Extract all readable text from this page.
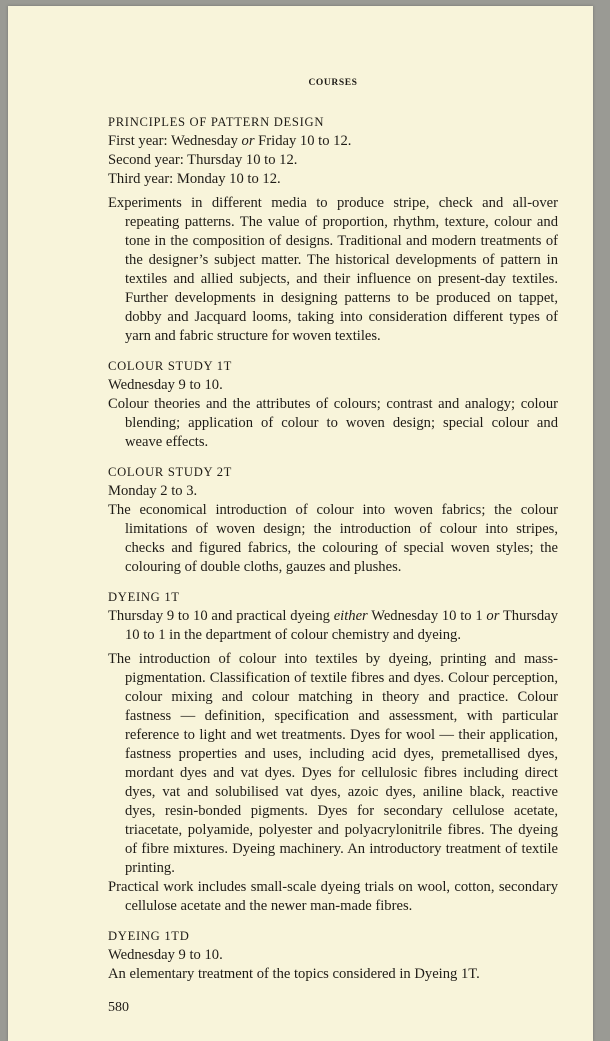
COURSES

PRINCIPLES OF PATTERN DESIGN

First year: Wednesday or Friday 10 to 12.

Second year: Thursday 10 to 12.

Third year: Monday 10 to 12.

Experiments in different media to produce stripe, check and all-over repeating patterns. The value of proportion, rhythm, texture, colour and tone in the composition of designs. Traditional and modern treatments of the designer’s subject matter. The historical developments of pattern in textiles and allied subjects, and their influence on present-day textiles. Further developments in designing patterns to be produced on tappet, dobby and Jacquard looms, taking into consideration different types of yarn and fabric structure for woven textiles.

COLOUR STUDY 1T

Wednesday 9 to 10.

Colour theories and the attributes of colours; contrast and analogy; colour blending; application of colour to woven design; special colour and weave effects.

COLOUR STUDY 2T

Monday 2 to 3.

The economical introduction of colour into woven fabrics; the colour limitations of woven design; the introduction of colour into stripes, checks and figured fabrics, the colouring of special woven styles; the colouring of double cloths, gauzes and plushes.

DYEING 1T

Thursday 9 to 10 and practical dyeing either Wednesday 10 to 1 or Thursday 10 to 1 in the department of colour chemistry and dyeing.

The introduction of colour into textiles by dyeing, printing and mass-pigmentation. Classification of textile fibres and dyes. Colour perception, colour mixing and colour matching in theory and practice. Colour fastness — definition, specification and assessment, with particular reference to light and wet treatments. Dyes for wool — their application, fastness properties and uses, including acid dyes, premetallised dyes, mordant dyes and vat dyes. Dyes for cellulosic fibres including direct dyes, vat and solubilised vat dyes, azoic dyes, aniline black, reactive dyes, resin-bonded pigments. Dyes for secondary cellulose acetate, triacetate, polyamide, polyester and polyacrylonitrile fibres. The dyeing of fibre mixtures. Dyeing machinery. An introductory treatment of textile printing.

Practical work includes small-scale dyeing trials on wool, cotton, secondary cellulose acetate and the newer man-made fibres.

DYEING 1TD

Wednesday 9 to 10.

An elementary treatment of the topics considered in Dyeing 1T.

580
